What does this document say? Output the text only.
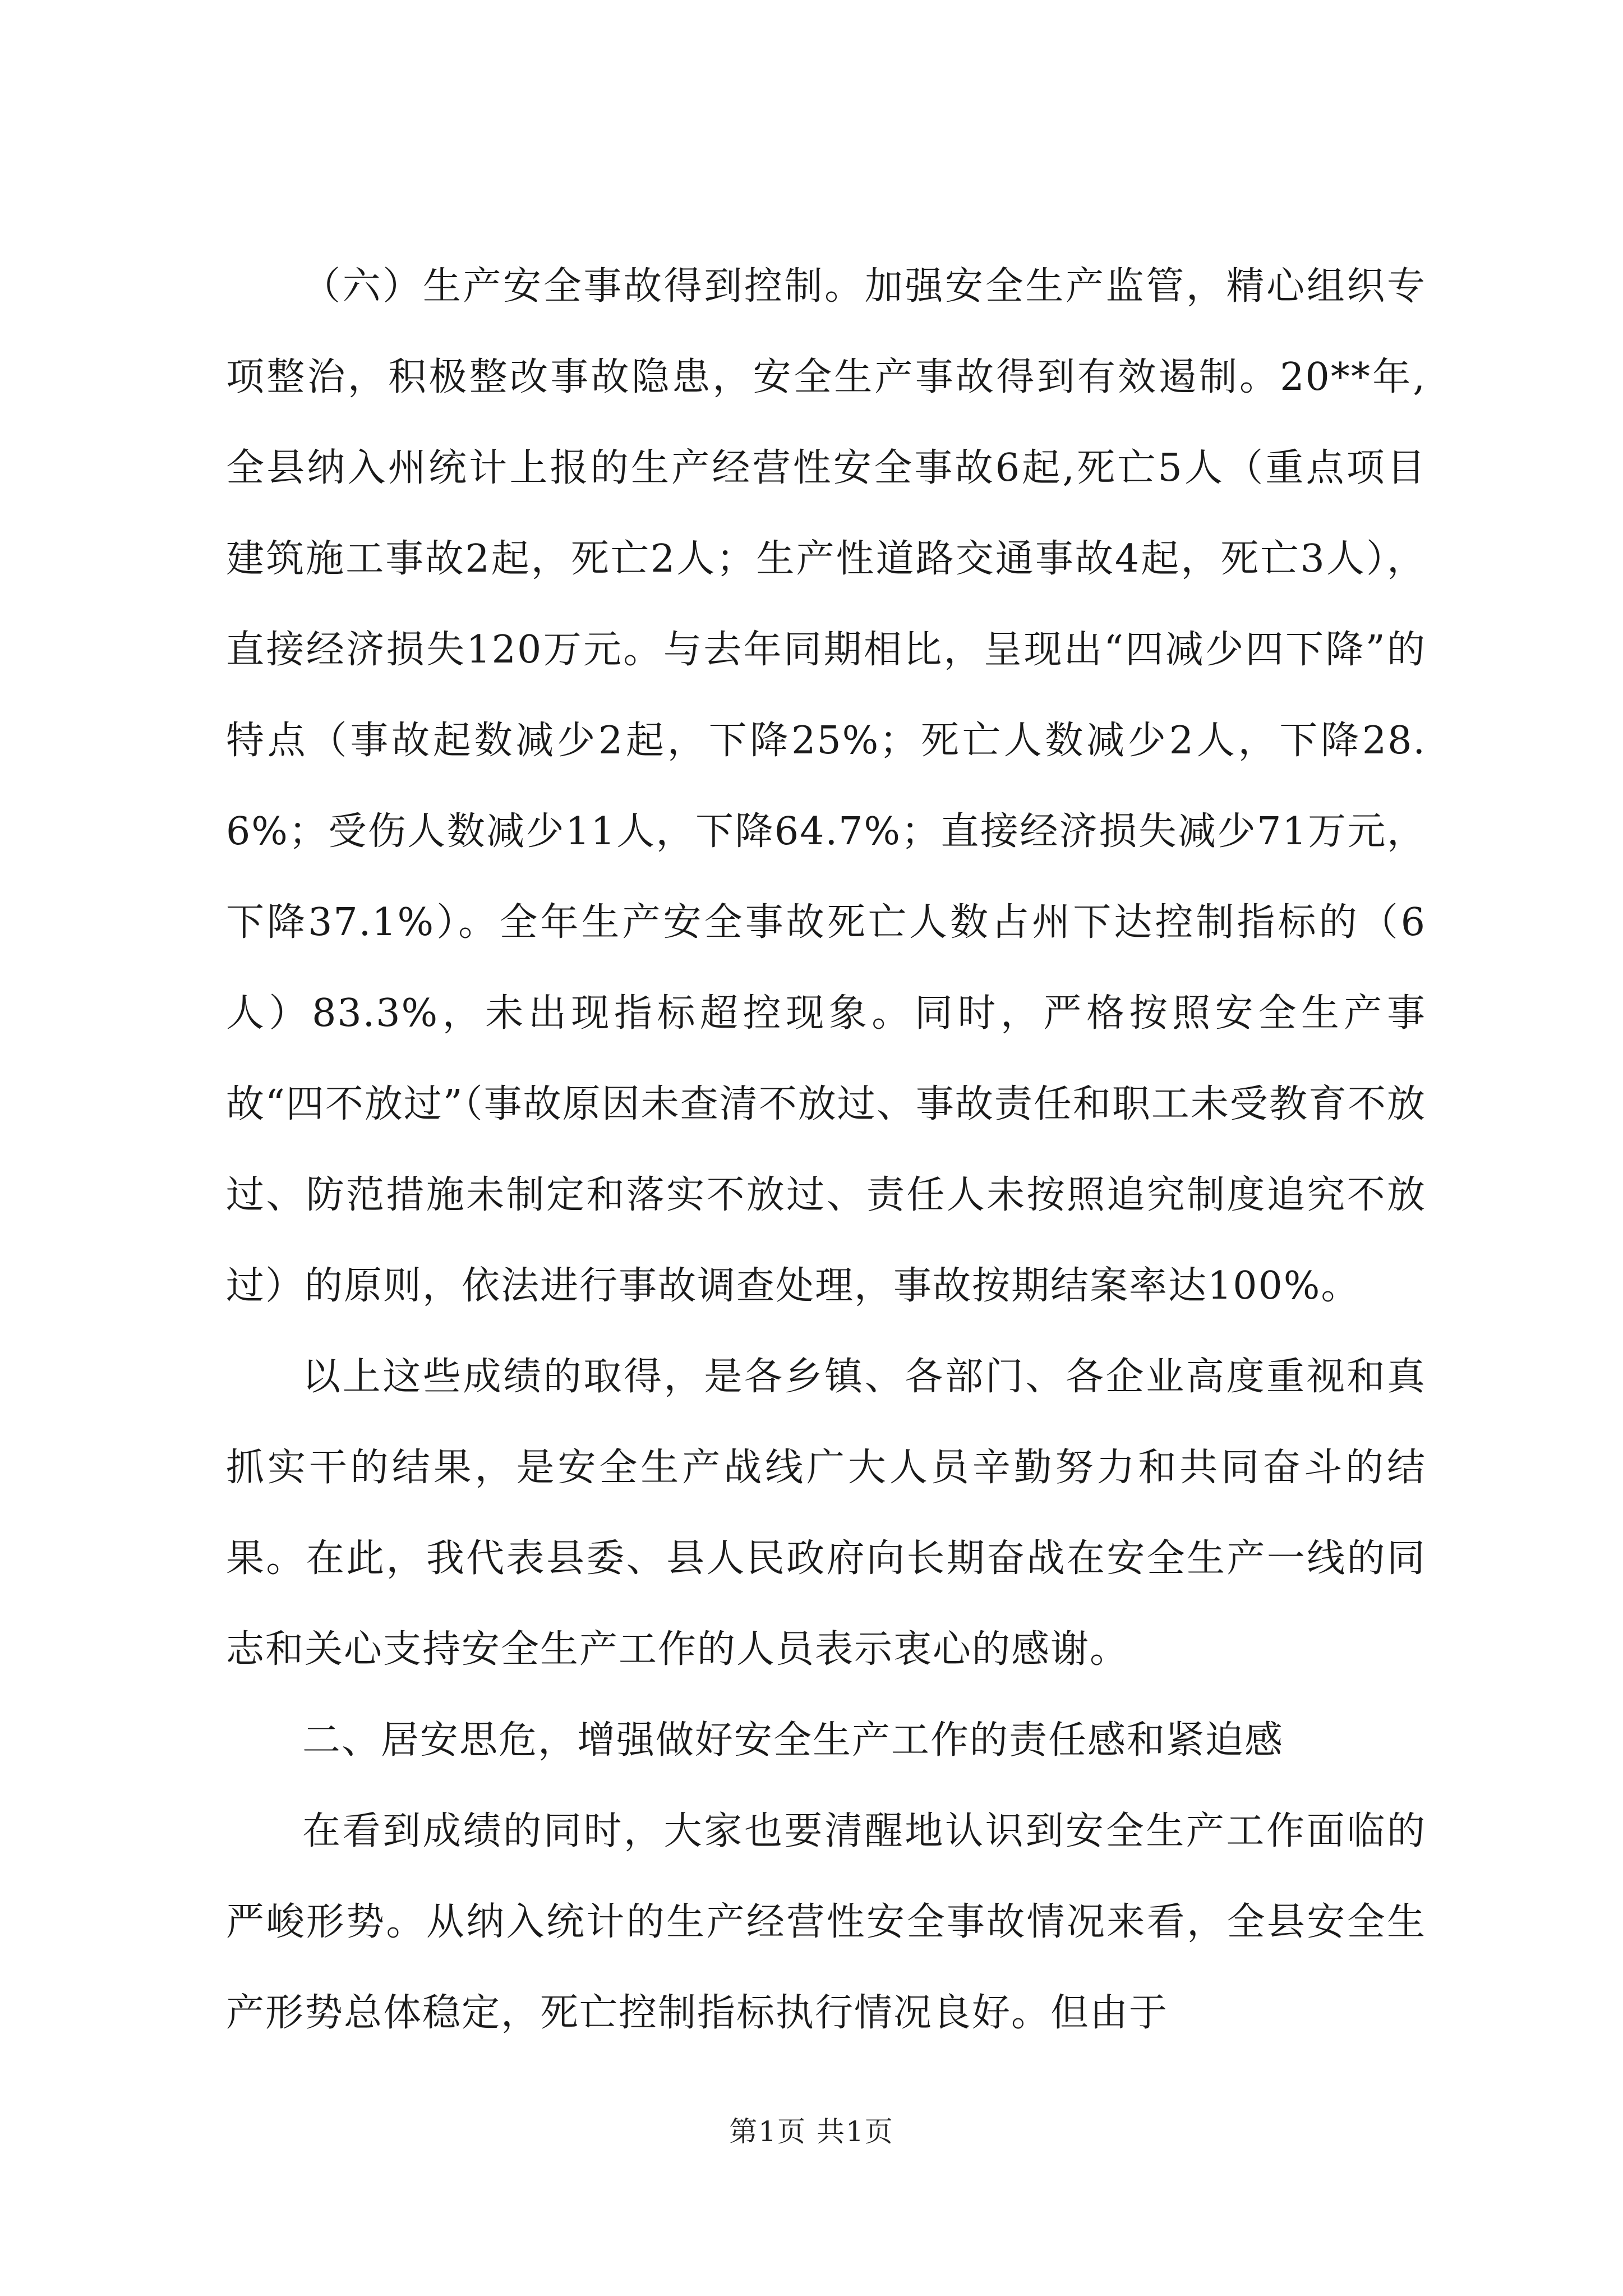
（六）生产安全事故得到控制。加强安全生产监管，精心组织专项整治，积极整改事故隐患，安全生产事故得到有效遏制。20**年,全县纳入州统计上报的生产经营性安全事故6起,死亡5人（重点项目建筑施工事故2起，死亡2人；生产性道路交通事故4起，死亡3人），直接经济损失120万元。与去年同期相比，呈现出“四减少四下降”的特点（事故起数减少2起，下降25%；死亡人数减少2人，下降28.6%；受伤人数减少11人，下降64.7%；直接经济损失减少71万元，下降37.1%）。全年生产安全事故死亡人数占州下达控制指标的（6人）83.3%，未出现指标超控现象。同时，严格按照安全生产事故“四不放过”（事故原因未查清不放过、事故责任和职工未受教育不放过、防范措施未制定和落实不放过、责任人未按照追究制度追究不放过）的原则，依法进行事故调查处理，事故按期结案率达100%。

以上这些成绩的取得，是各乡镇、各部门、各企业高度重视和真抓实干的结果，是安全生产战线广大人员辛勤努力和共同奋斗的结果。在此，我代表县委、县人民政府向长期奋战在安全生产一线的同志和关心支持安全生产工作的人员表示衷心的感谢。

二、居安思危，增强做好安全生产工作的责任感和紧迫感

在看到成绩的同时，大家也要清醒地认识到安全生产工作面临的严峻形势。从纳入统计的生产经营性安全事故情况来看，全县安全生产形势总体稳定，死亡控制指标执行情况良好。但由于

第1页 共1页
